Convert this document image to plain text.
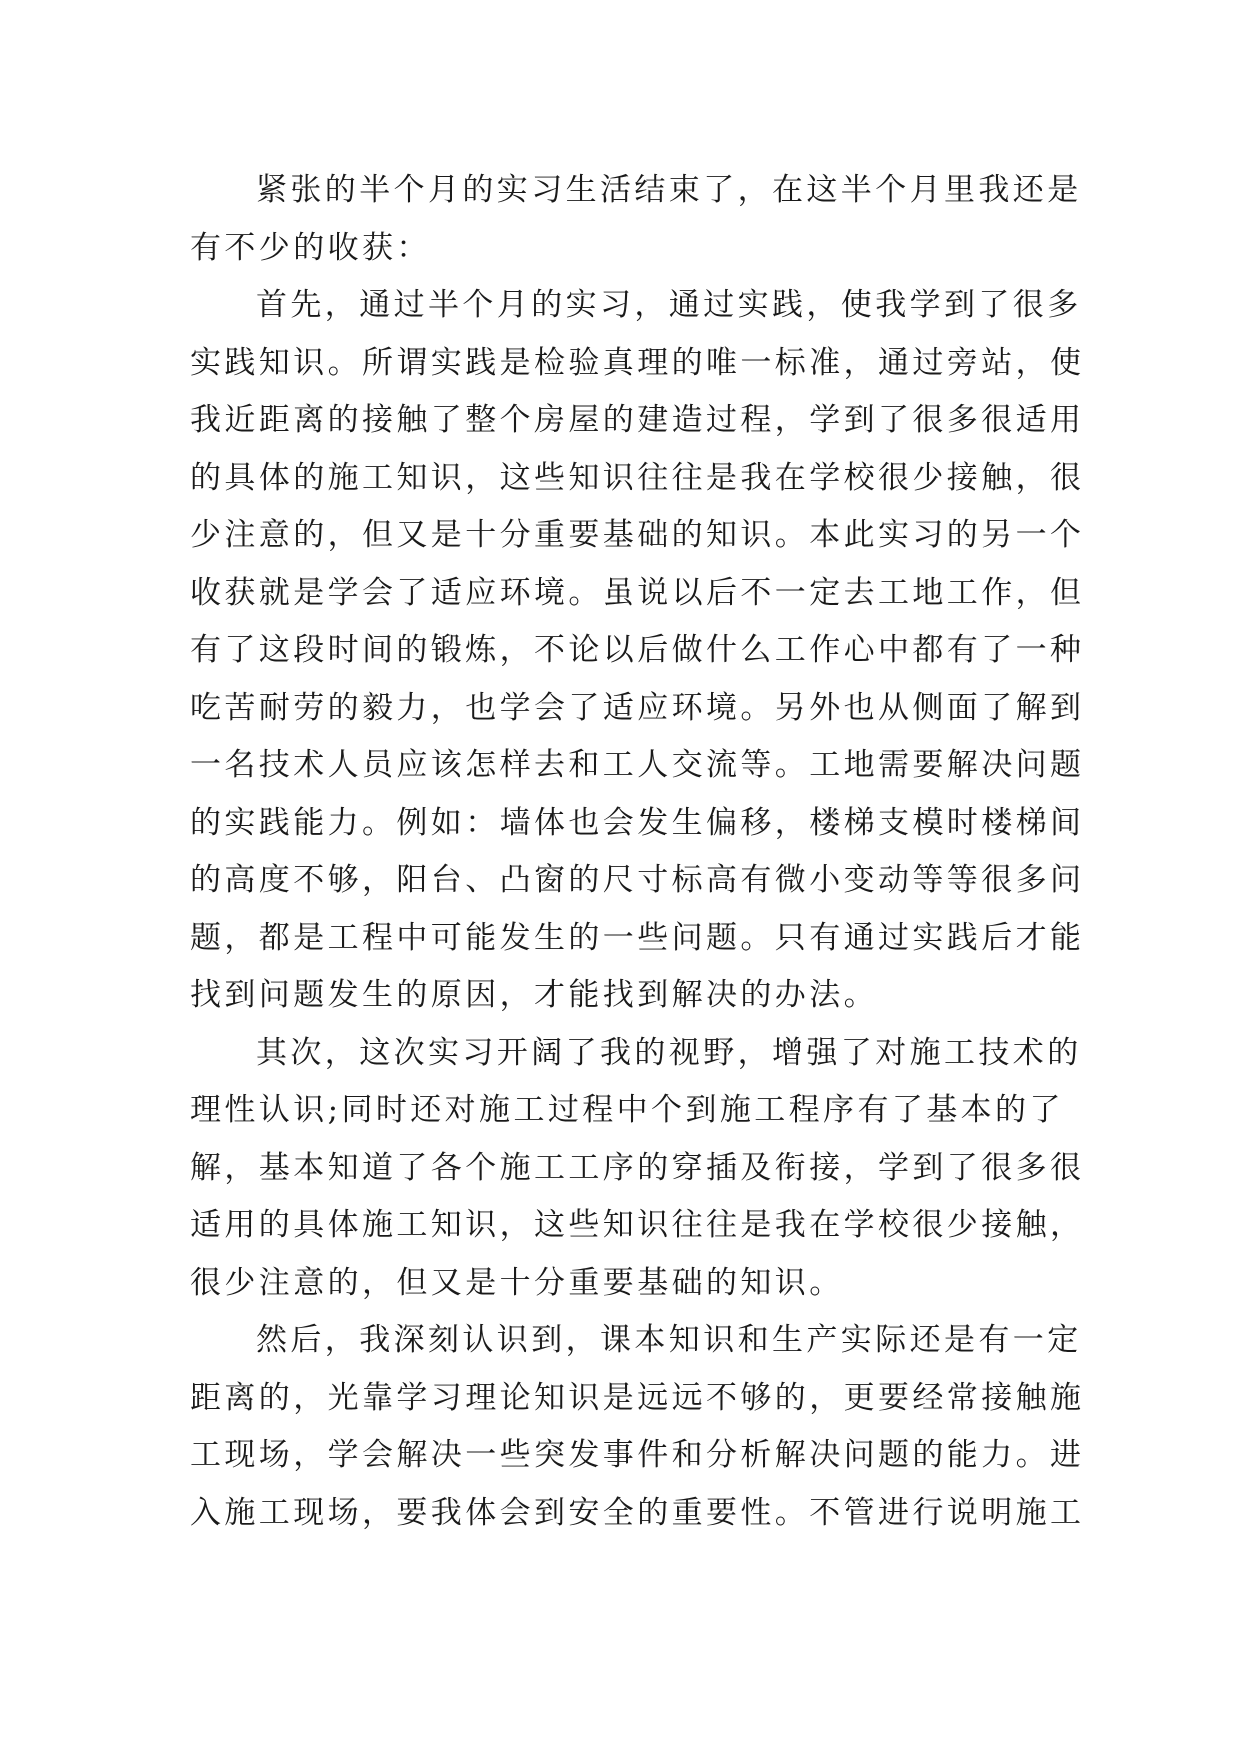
紧张的半个月的实习生活结束了，在这半个月里我还是
有不少的收获：
首先，通过半个月的实习，通过实践，使我学到了很多
实践知识。所谓实践是检验真理的唯一标准，通过旁站，使
我近距离的接触了整个房屋的建造过程，学到了很多很适用
的具体的施工知识，这些知识往往是我在学校很少接触，很
少注意的，但又是十分重要基础的知识。本此实习的另一个
收获就是学会了适应环境。虽说以后不一定去工地工作，但
有了这段时间的锻炼，不论以后做什么工作心中都有了一种
吃苦耐劳的毅力，也学会了适应环境。另外也从侧面了解到
一名技术人员应该怎样去和工人交流等。工地需要解决问题
的实践能力。例如：墙体也会发生偏移，楼梯支模时楼梯间
的高度不够，阳台、凸窗的尺寸标高有微小变动等等很多问
题，都是工程中可能发生的一些问题。只有通过实践后才能
找到问题发生的原因，才能找到解决的办法。
其次，这次实习开阔了我的视野，增强了对施工技术的
理性认识;同时还对施工过程中个到施工程序有了基本的了
解，基本知道了各个施工工序的穿插及衔接，学到了很多很
适用的具体施工知识，这些知识往往是我在学校很少接触，
很少注意的，但又是十分重要基础的知识。
然后，我深刻认识到，课本知识和生产实际还是有一定
距离的，光靠学习理论知识是远远不够的，更要经常接触施
工现场，学会解决一些突发事件和分析解决问题的能力。进
入施工现场，要我体会到安全的重要性。不管进行说明施工
